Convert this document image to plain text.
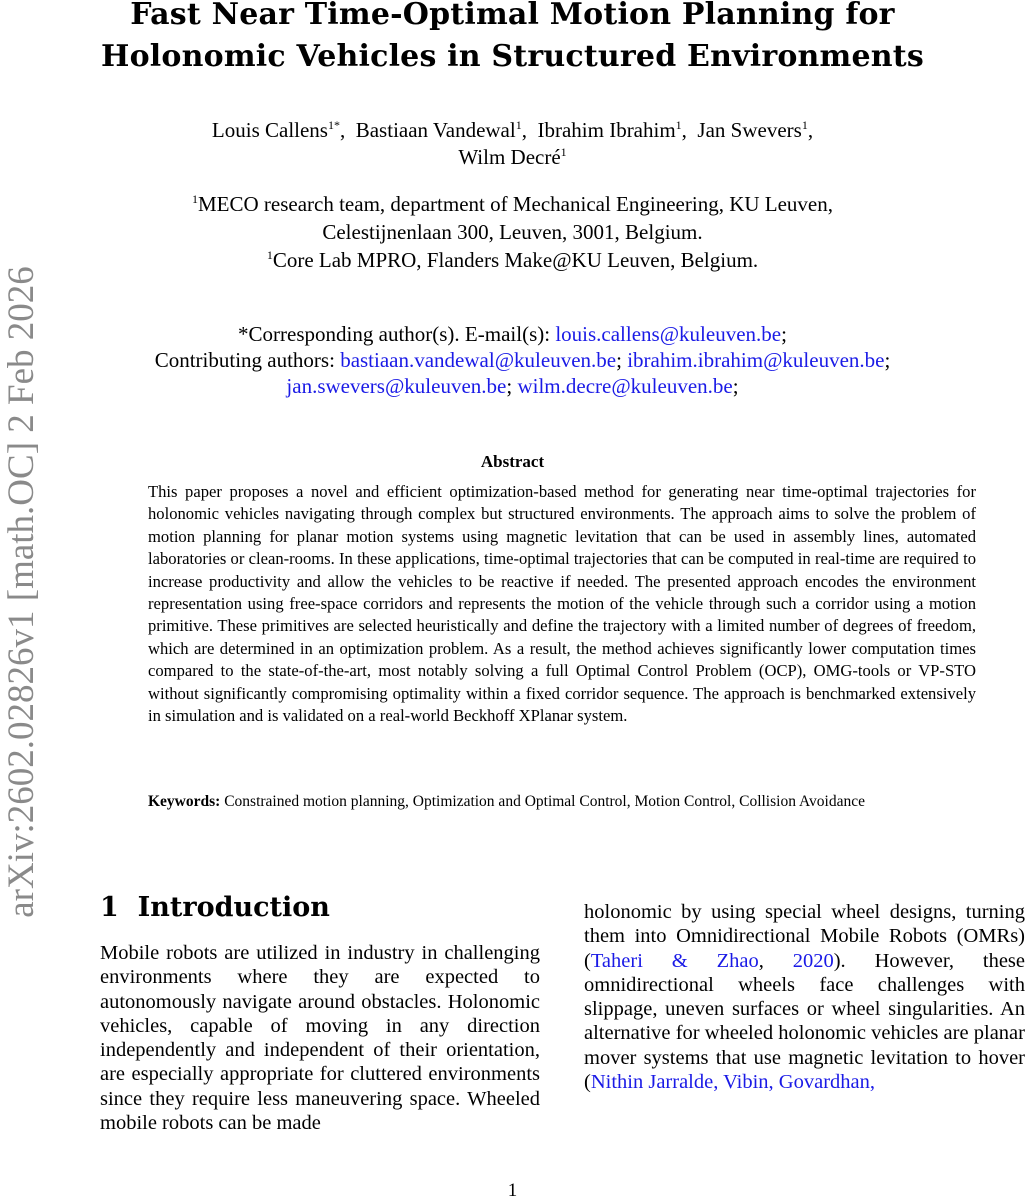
arXiv:2602.02826v1 [math.OC] 2 Feb 2026
Fast Near Time-Optimal Motion Planning for
Holonomic Vehicles in Structured Environments
Louis Callens$^{1*}$,  Bastiaan Vandewal$^1$,  Ibrahim Ibrahim$^1$,  Jan Swevers$^1$,
Wilm Decré$^1$
$^1$MECO research team, department of Mechanical Engineering, KU Leuven,
Celestijnenlaan 300, Leuven, 3001, Belgium.
$^1$Core Lab MPRO, Flanders Make@KU Leuven, Belgium.
*Corresponding author(s). E-mail(s): louis.callens@kuleuven.be;
Contributing authors: bastiaan.vandewal@kuleuven.be; ibrahim.ibrahim@kuleuven.be;
jan.swevers@kuleuven.be; wilm.decre@kuleuven.be;
Abstract
This paper proposes a novel and efficient optimization-based method for generating near time-optimal trajectories for holonomic vehicles navigating through complex but structured environments. The approach aims to solve the problem of motion planning for planar motion systems using magnetic levitation that can be used in assembly lines, automated laboratories or clean-rooms. In these applications, time-optimal trajectories that can be computed in real-time are required to increase productivity and allow the vehicles to be reactive if needed. The presented approach encodes the environment representation using free-space corridors and represents the motion of the vehicle through such a corridor using a motion primitive. These primitives are selected heuristically and define the trajectory with a limited number of degrees of freedom, which are determined in an optimization problem. As a result, the method achieves significantly lower computation times compared to the state-of-the-art, most notably solving a full Optimal Control Problem (OCP), OMG-tools or VP-STO without significantly compromising optimality within a fixed corridor sequence. The approach is benchmarked extensively in simulation and is validated on a real-world Beckhoff XPlanar system.
Keywords: Constrained motion planning, Optimization and Optimal Control, Motion Control, Collision Avoidance
1 Introduction
Mobile robots are utilized in industry in challenging environments where they are expected to autonomously navigate around obstacles. Holonomic vehicles, capable of moving in any direction independently and independent of their orientation, are especially appropriate for cluttered environments since they require less maneuvering space. Wheeled mobile robots can be made
holonomic by using special wheel designs, turning them into Omnidirectional Mobile Robots (OMRs) (Taheri & Zhao, 2020). However, these omnidirectional wheels face challenges with slippage, uneven surfaces or wheel singularities. An alternative for wheeled holonomic vehicles are planar mover systems that use magnetic levitation to hover (Nithin Jarralde, Vibin, Govardhan,
1
